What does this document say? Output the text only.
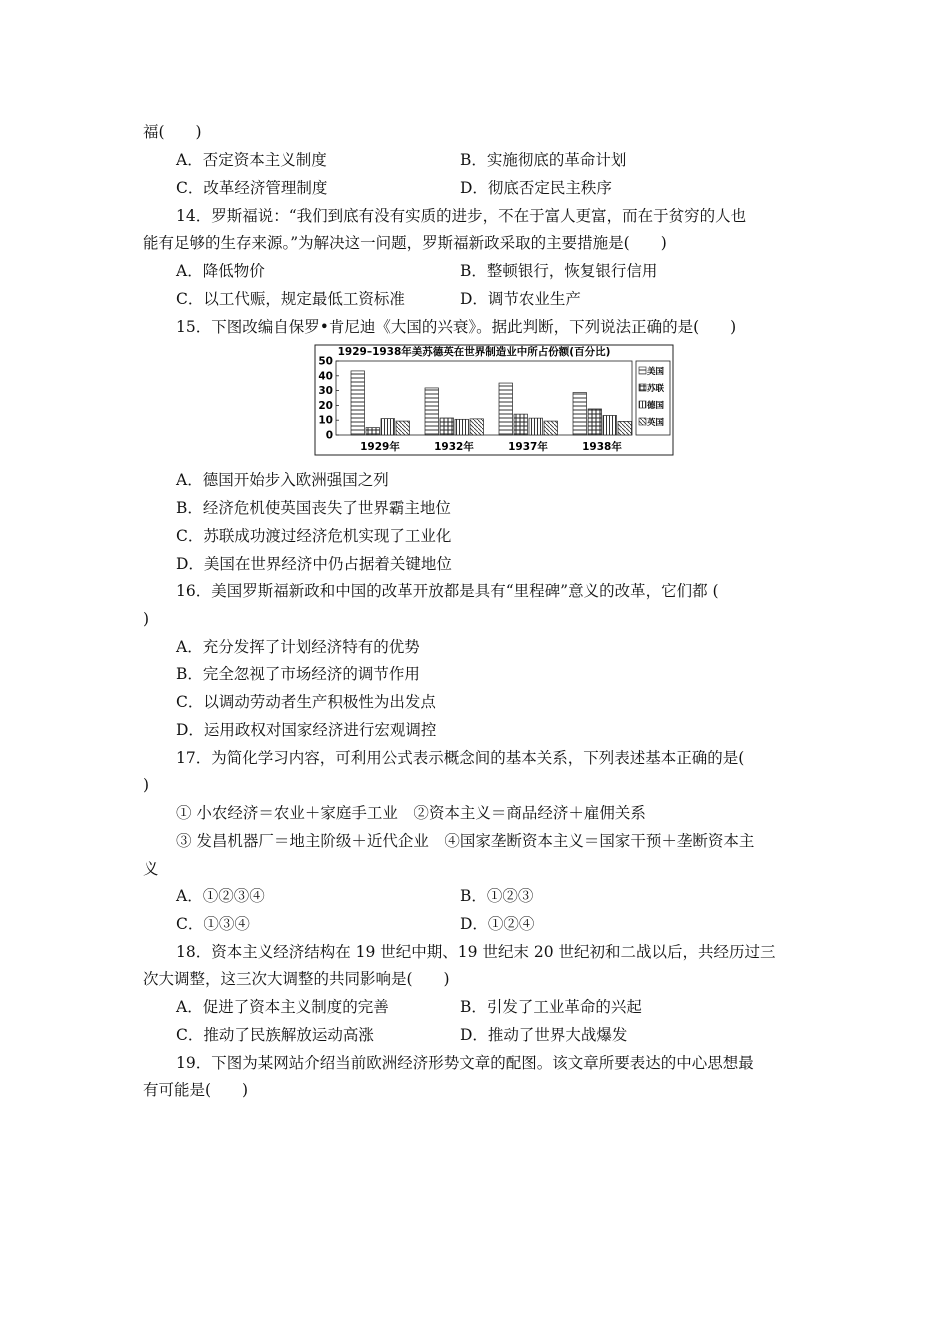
福(　　)
A．否定资本主义制度	B．实施彻底的革命计划
C．改革经济管理制度	D．彻底否定民主秩序
14．罗斯福说：“我们到底有没有实质的进步，不在于富人更富，而在于贫穷的人也
能有足够的生存来源。”为解决这一问题，罗斯福新政采取的主要措施是(　　)
A．降低物价	B．整顿银行，恢复银行信用
C．以工代赈，规定最低工资标准	D．调节农业生产
15．下图改编自保罗•肯尼迪《大国的兴衰》。据此判断，下列说法正确的是(　　)
1929–1938年美苏德英在世界制造业中所占份额(百分比)
50
40
30
20
10
0
1929年	1932年	1937年	1938年
美国
苏联
德国
英国
A．德国开始步入欧洲强国之列
B．经济危机使英国丧失了世界霸主地位
C．苏联成功渡过经济危机实现了工业化
D．美国在世界经济中仍占据着关键地位
16．美国罗斯福新政和中国的改革开放都是具有“里程碑”意义的改革，它们都 (
)
A．充分发挥了计划经济特有的优势
B．完全忽视了市场经济的调节作用
C．以调动劳动者生产积极性为出发点
D．运用政权对国家经济进行宏观调控
17．为简化学习内容，可利用公式表示概念间的基本关系，下列表述基本正确的是(
)
① 小农经济＝农业＋家庭手工业　②资本主义＝商品经济＋雇佣关系
③ 发昌机器厂＝地主阶级＋近代企业　④国家垄断资本主义＝国家干预＋垄断资本主
义
A．①②③④	B．①②③
C．①③④	D．①②④
18．资本主义经济结构在 19 世纪中期、19 世纪末 20 世纪初和二战以后，共经历过三
次大调整，这三次大调整的共同影响是(　　)
A．促进了资本主义制度的完善	B．引发了工业革命的兴起
C．推动了民族解放运动高涨	D．推动了世界大战爆发
19．下图为某网站介绍当前欧洲经济形势文章的配图。该文章所要表达的中心思想最
有可能是(　　)
